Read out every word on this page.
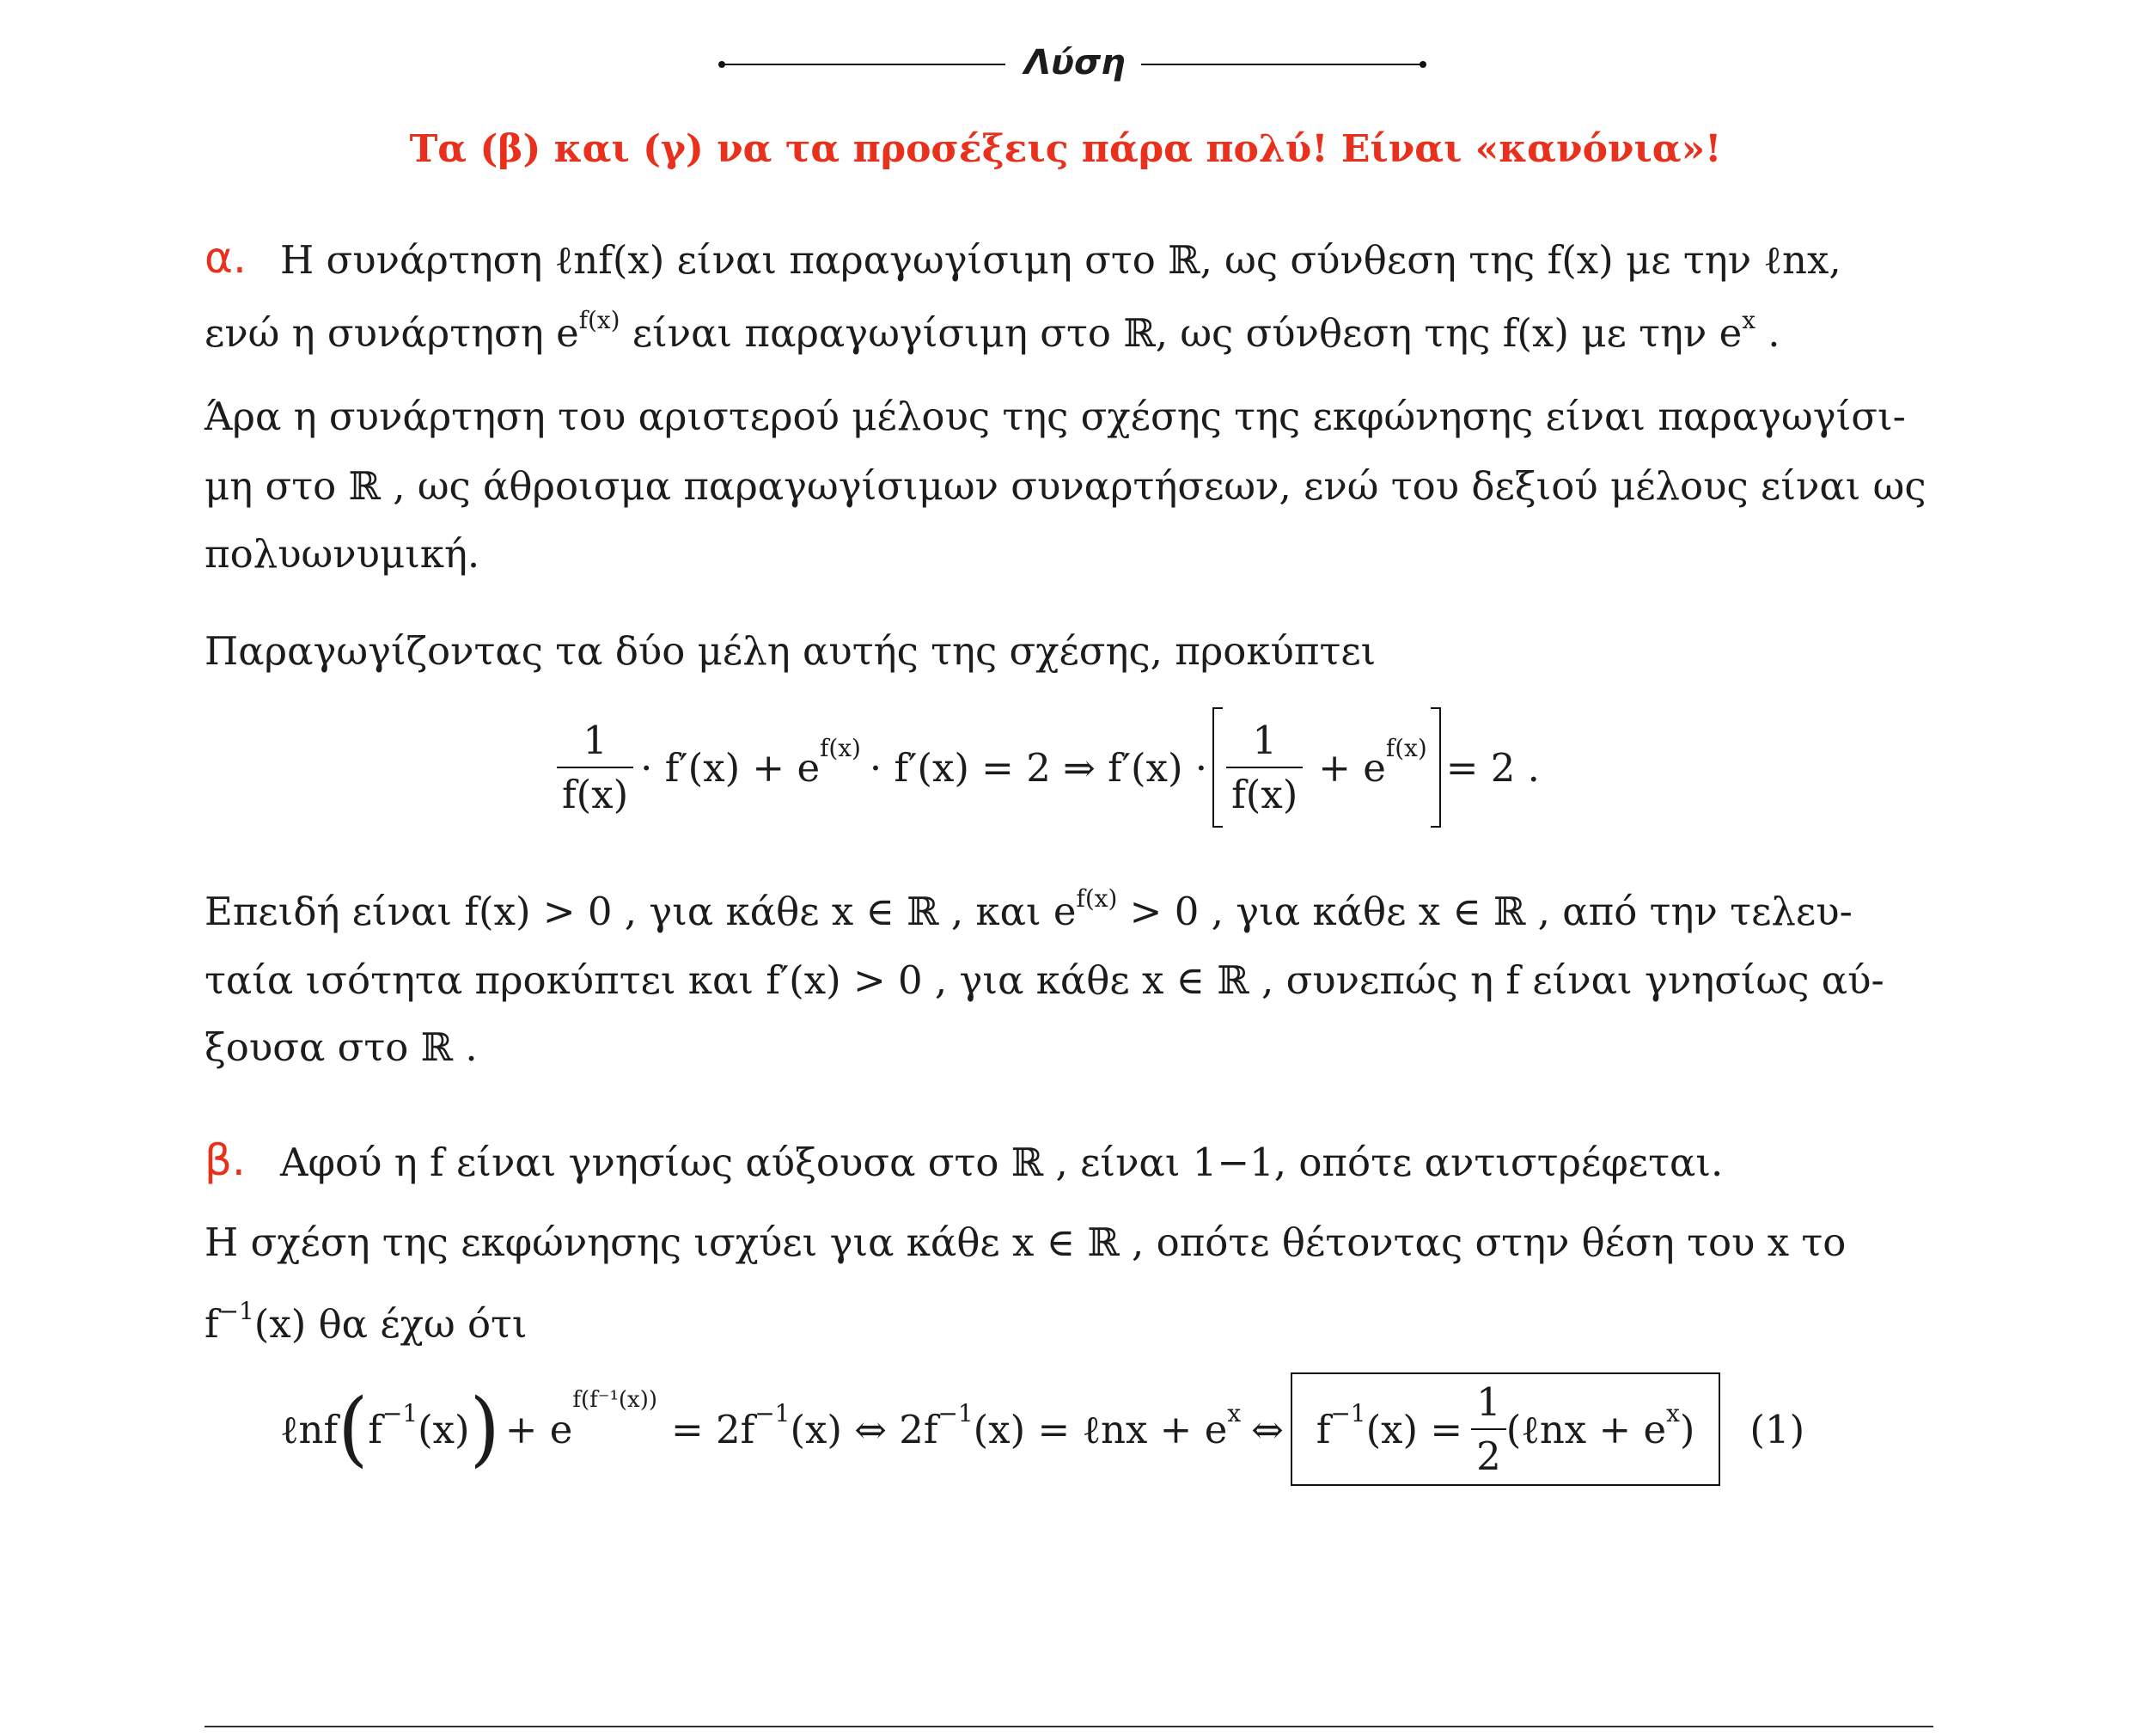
Λύση
Τα (β) και (γ) να τα προσέξεις πάρα πολύ! Είναι «κανόνια»!
α. Η συνάρτηση ℓnf(x) είναι παραγωγίσιμη στο ℝ, ως σύνθεση της f(x) με την ℓnx,
ενώ η συνάρτηση $e^{f(x)}$ είναι παραγωγίσιμη στο ℝ, ως σύνθεση της f(x) με την $e^x$ .
Άρα η συνάρτηση του αριστερού μέλους της σχέσης της εκφώνησης είναι παραγωγίσι-
μη στο ℝ , ως άθροισμα παραγωγίσιμων συναρτήσεων, ενώ του δεξιού μέλους είναι ως
πολυωνυμική.
Παραγωγίζοντας τα δύο μέλη αυτής της σχέσης, προκύπτει
$\frac{1}{f(x)} \cdot f'(x) + e^{f(x)} \cdot f'(x) = 2$ ⇒ $f'(x) \cdot \frac{1}{f(x)} + e^{f(x)} = 2$ .
Επειδή είναι f(x) > 0 , για κάθε x ∈ ℝ , και $e^{f(x)} > 0$ , για κάθε x ∈ ℝ , από την τελευ-
ταία ισότητα προκύπτει και f′(x) > 0 , για κάθε x ∈ ℝ , συνεπώς η f είναι γνησίως αύ-
ξουσα στο ℝ .
β. Αφού η f είναι γνησίως αύξουσα στο ℝ , είναι 1−1, οπότε αντιστρέφεται.
Η σχέση της εκφώνησης ισχύει για κάθε x ∈ ℝ , οπότε θέτοντας στην θέση του x το
$f^{-1}(x)$ θα έχω ότι
ℓnf ( $f^{-1}$ (x) ) + e
$^{f(f^{-1}(x))}$
= $2f^{-1}$ (x) ⇔ $2f^{-1}$ (x) = ℓnx + $e^x$ ⇔ $f^{-1}$ $(x) = \frac{1}{2}$ (ℓnx + $e^x$ ) (1)
